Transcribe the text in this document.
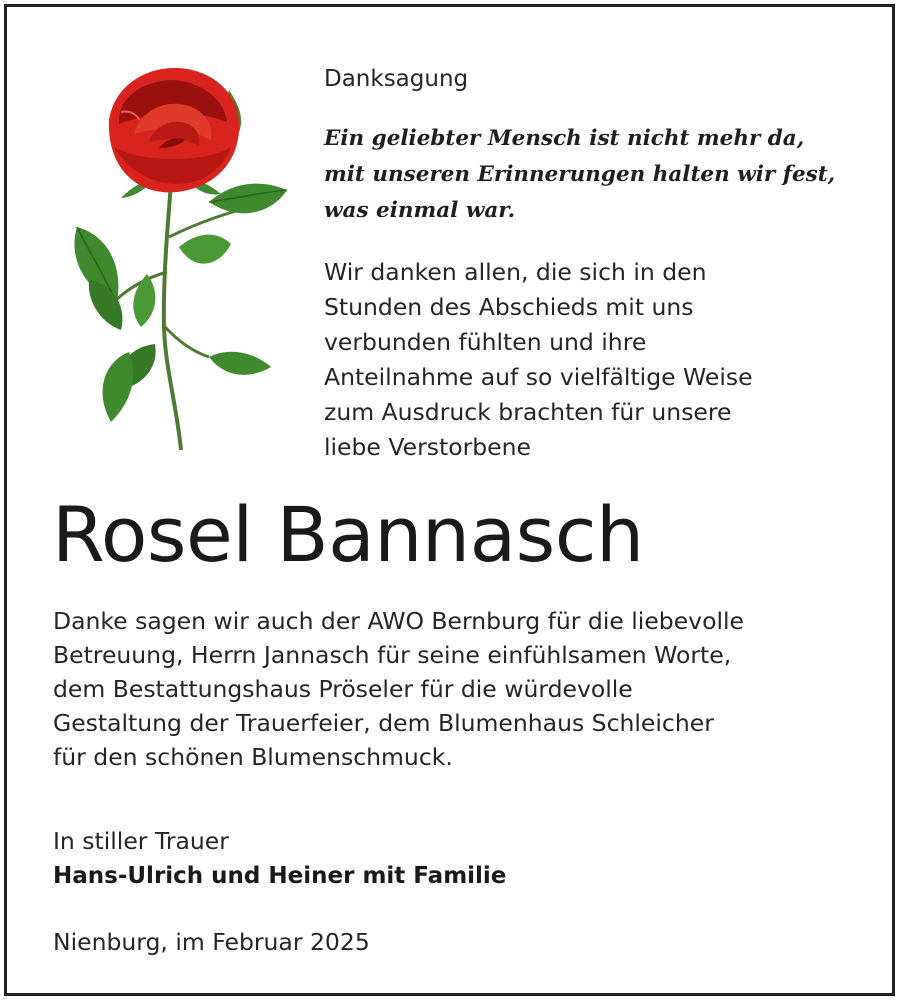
Danksagung

Ein geliebter Mensch ist nicht mehr da,
mit unseren Erinnerungen halten wir fest,
was einmal war.
Wir danken allen, die sich in den
Stunden des Abschieds mit uns
verbunden fühlten und ihre
Anteilnahme auf so vielfältige Weise
zum Ausdruck brachten für unsere
liebe Verstorbene

Rosel Bannasch

Danke sagen wir auch der AWO Bernburg für die liebevolle
Betreuung, Herrn Jannasch für seine einfühlsamen Worte,
dem Bestattungshaus Pröseler für die würdevolle
Gestaltung der Trauerfeier, dem Blumenhaus Schleicher
für den schönen Blumenschmuck.

In stiller Trauer

Hans-Ulrich und Heiner mit Familie

Nienburg, im Februar 2025
